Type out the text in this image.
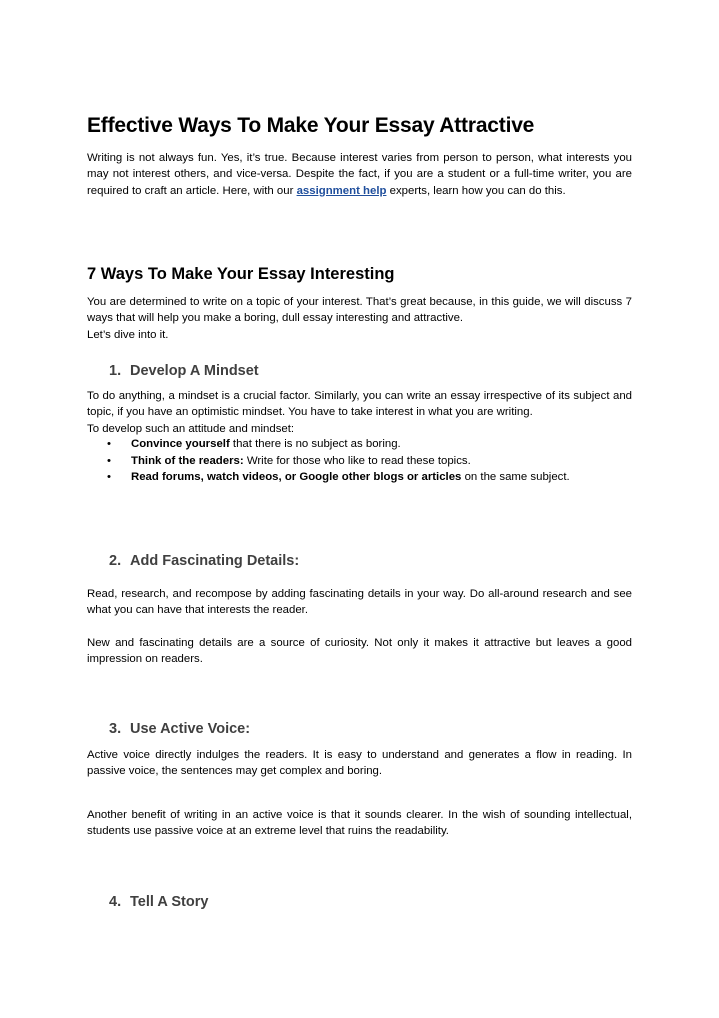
Effective Ways To Make Your Essay Attractive

Writing is not always fun. Yes, it’s true. Because interest varies from person to person, what interests you may not interest others, and vice-versa. Despite the fact, if you are a student or a full-time writer, you are required to craft an article. Here, with our assignment help experts, learn how you can do this.

7 Ways To Make Your Essay Interesting

You are determined to write on a topic of your interest. That’s great because, in this guide, we will discuss 7 ways that will help you make a boring, dull essay interesting and attractive.
Let’s dive into it.

1. Develop A Mindset

To do anything, a mindset is a crucial factor. Similarly, you can write an essay irrespective of its subject and topic, if you have an optimistic mindset. You have to take interest in what you are writing.
To develop such an attitude and mindset:

• Convince yourself that there is no subject as boring.
• Think of the readers: Write for those who like to read these topics.
• Read forums, watch videos, or Google other blogs or articles on the same subject.
2. Add Fascinating Details:

Read, research, and recompose by adding fascinating details in your way. Do all-around research and see what you can have that interests the reader.

New and fascinating details are a source of curiosity. Not only it makes it attractive but leaves a good impression on readers.

3. Use Active Voice:

Active voice directly indulges the readers. It is easy to understand and generates a flow in reading. In passive voice, the sentences may get complex and boring.

Another benefit of writing in an active voice is that it sounds clearer. In the wish of sounding intellectual, students use passive voice at an extreme level that ruins the readability.

4. Tell A Story
